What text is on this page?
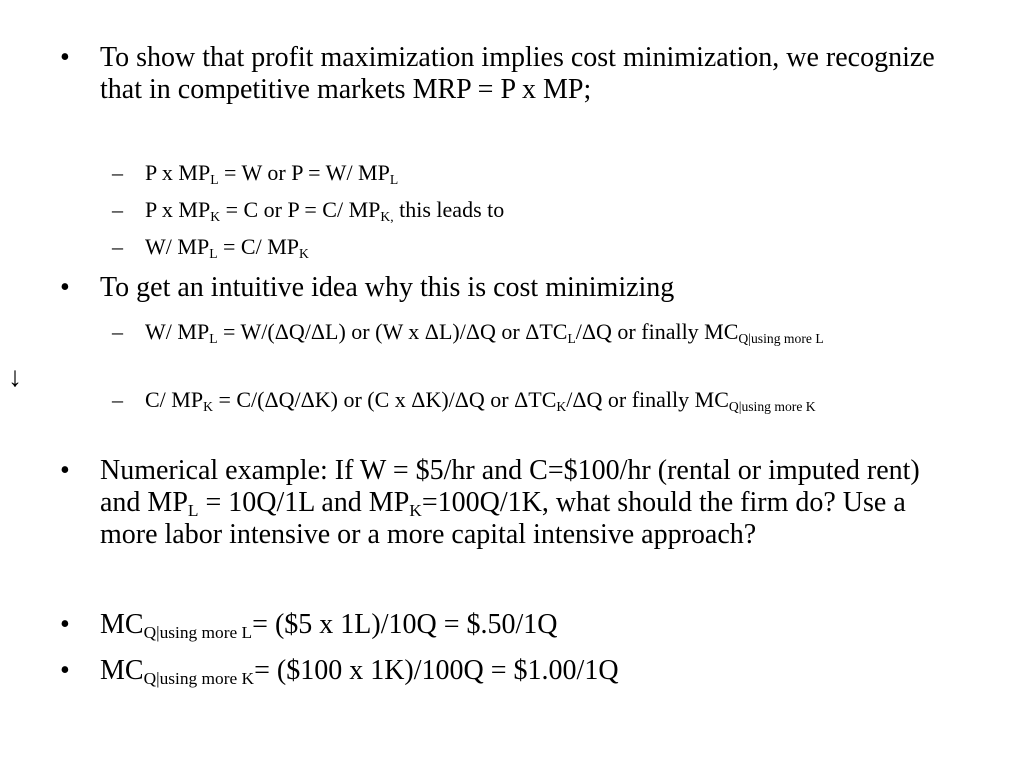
↓
• To show that profit maximization implies cost minimization, we recognize that in competitive markets MRP = P x MP;
– P x $MP_L = W$ or P = W/ $MP_L$
– P x $MP_K = C$ or P = C/ $MP_{K,}$ this leads to
– W/ $MP_L = C/$ $MP_K$
• To get an intuitive idea why this is cost minimizing
– W/ $MP_L = W/(\Delta Q/\Delta L)$ or (W x ΔL)/ΔQ or $\Delta TC_L/\Delta Q$ or finally $MC_{Q|using more L}$
– C/ $MP_K = C/(\Delta Q/\Delta K)$ or (C x ΔK)/ΔQ or $\Delta TC_K/\Delta Q$ or finally $MC_{Q|using more K}$
• Numerical example: If W = $5/hr and C=$100/hr (rental or imputed rent) and $MP_L = 10Q/1L$ and $MP_K=100Q/1K$, what should the firm do? Use a more labor intensive or a more capital intensive approach?
• $MC_{Q|using more L}=$ ($5 x 1L)/10Q = $.50/1Q
• $MC_{Q|using more K}=$ ($100 x 1K)/100Q = $1.00/1Q
